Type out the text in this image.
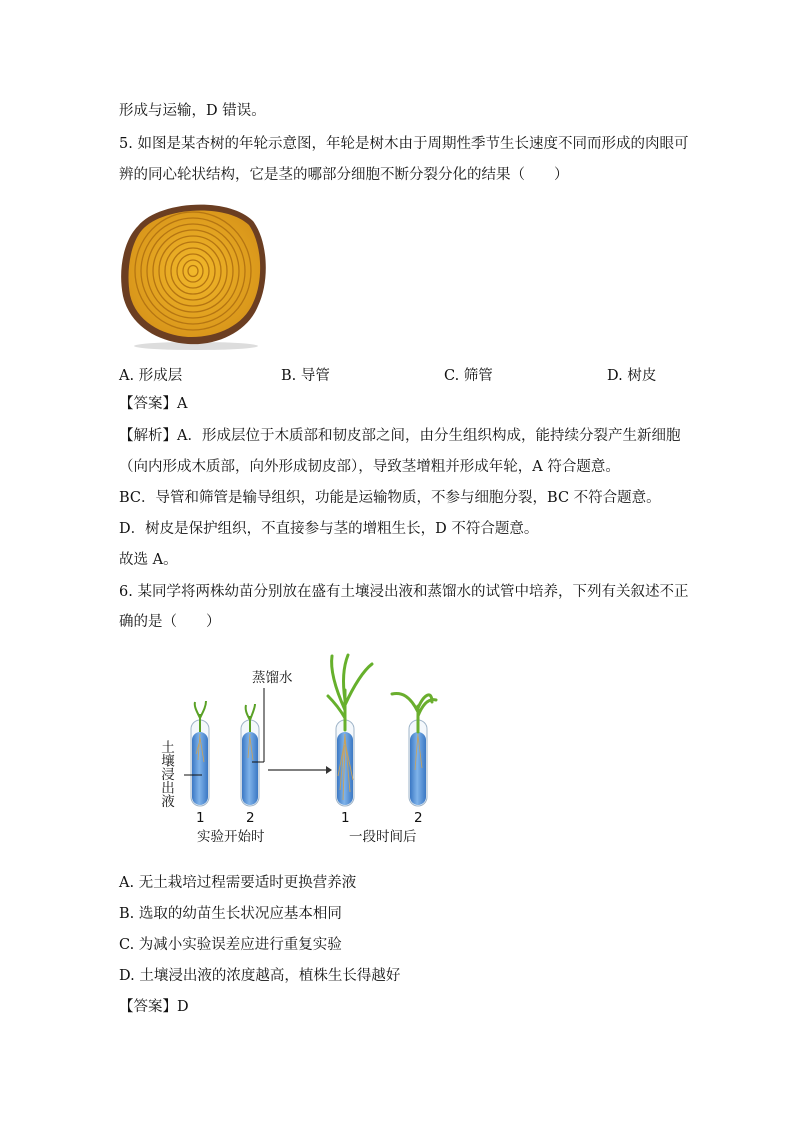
形成与运输，D 错误。
5. 如图是某杏树的年轮示意图，年轮是树木由于周期性季节生长速度不同而形成的肉眼可
辨的同心轮状结构，它是茎的哪部分细胞不断分裂分化的结果（　　）
A. 形成层	B. 导管	C. 筛管	D. 树皮
【答案】A
【解析】A．形成层位于木质部和韧皮部之间，由分生组织构成，能持续分裂产生新细胞
（向内形成木质部，向外形成韧皮部），导致茎增粗并形成年轮，A 符合题意。
BC．导管和筛管是输导组织，功能是运输物质，不参与细胞分裂，BC 不符合题意。
D．树皮是保护组织，不直接参与茎的增粗生长，D 不符合题意。
故选 A。
6. 某同学将两株幼苗分别放在盛有土壤浸出液和蒸馏水的试管中培养，下列有关叙述不正
确的是（　　）
蒸馏水
土壤浸出液
1	2	1	2
实验开始时	一段时间后
A. 无土栽培过程需要适时更换营养液
B. 选取的幼苗生长状况应基本相同
C. 为减小实验误差应进行重复实验
D. 土壤浸出液的浓度越高，植株生长得越好
【答案】D
